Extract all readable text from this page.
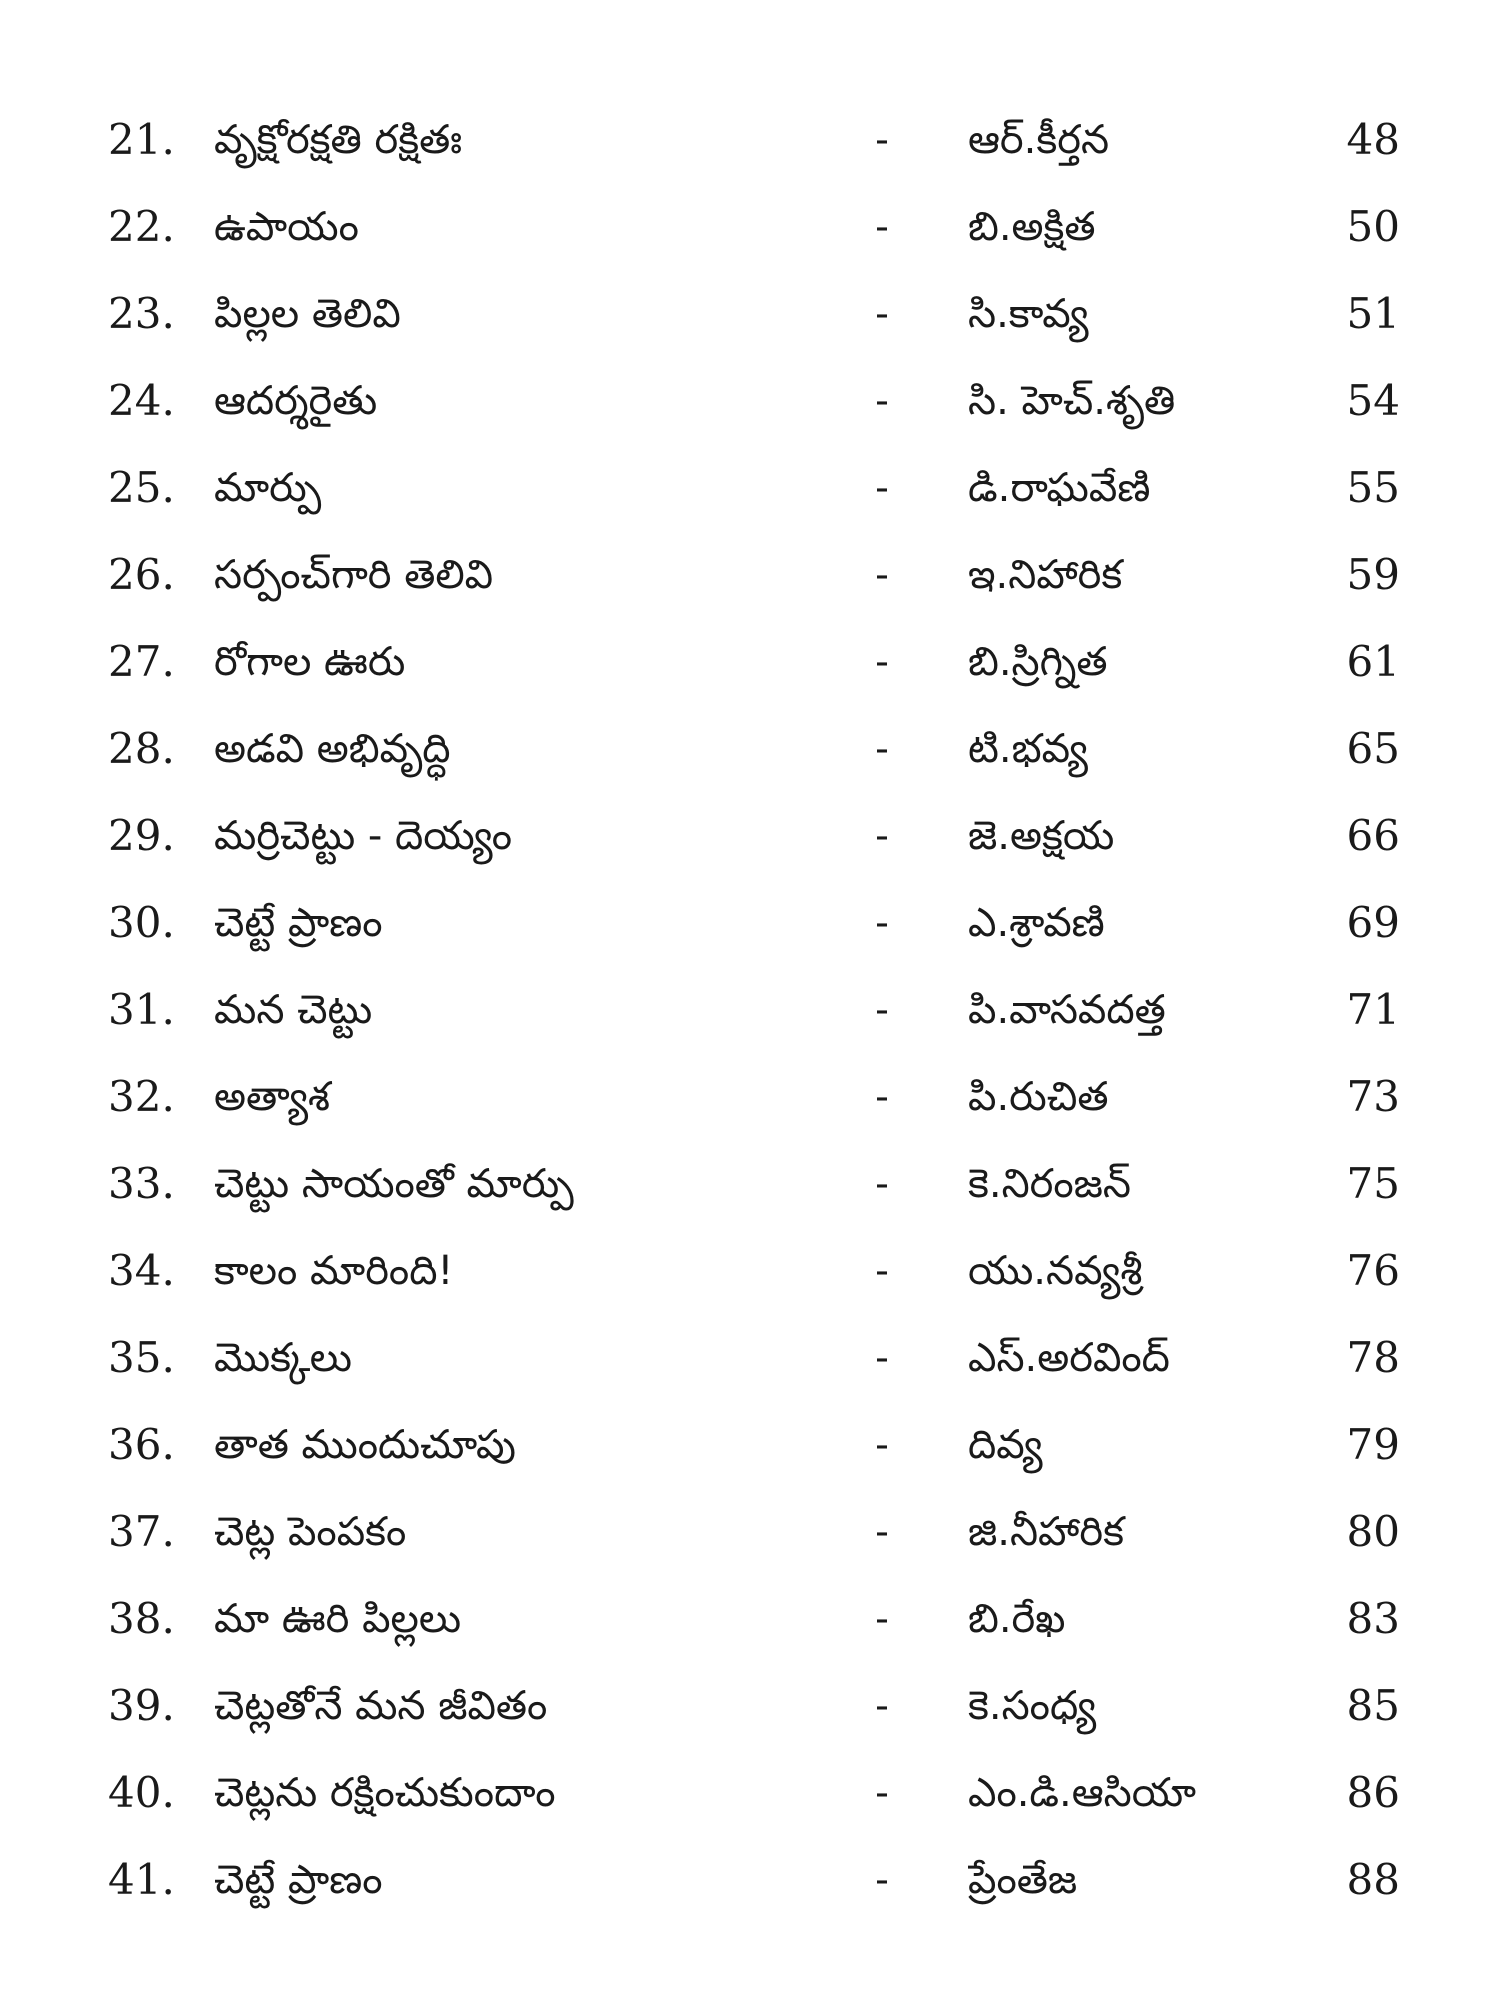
21. వృక్షోరక్షతి రక్షితః	-	ఆర్.కీర్తన	48
22. ఉపాయం	-	బి.అక్షిత	50
23. పిల్లల తెలివి	-	సి.కావ్య	51
24. ఆదర్శరైతు	-	సి. హెచ్.శృతి	54
25. మార్పు	-	డి.రాఘవేణి	55
26. సర్పంచ్‌గారి తెలివి	-	ఇ.నిహారిక	59
27. రోగాల ఊరు	-	బి.స్రిగ్నిత	61
28. అడవి అభివృద్ధి	-	టి.భవ్య	65
29. మర్రిచెట్టు - దెయ్యం	-	జె.అక్షయ	66
30. చెట్టే ప్రాణం	-	ఎ.శ్రావణి	69
31. మన చెట్టు	-	పి.వాసవదత్త	71
32. అత్యాశ	-	పి.రుచిత	73
33. చెట్టు సాయంతో మార్పు	-	కె.నిరంజన్	75
34. కాలం మారింది!	-	యు.నవ్యశ్రీ	76
35. మొక్కలు	-	ఎస్.అరవింద్	78
36. తాత ముందుచూపు	-	దివ్య	79
37. చెట్ల పెంపకం	-	జి.నీహారిక	80
38. మా ఊరి పిల్లలు	-	బి.రేఖ	83
39. చెట్లతోనే మన జీవితం	-	కె.సంధ్య	85
40. చెట్లను రక్షించుకుందాం	-	ఎం.డి.ఆసియా	86
41. చెట్టే ప్రాణం	-	ప్రేంతేజ	88
